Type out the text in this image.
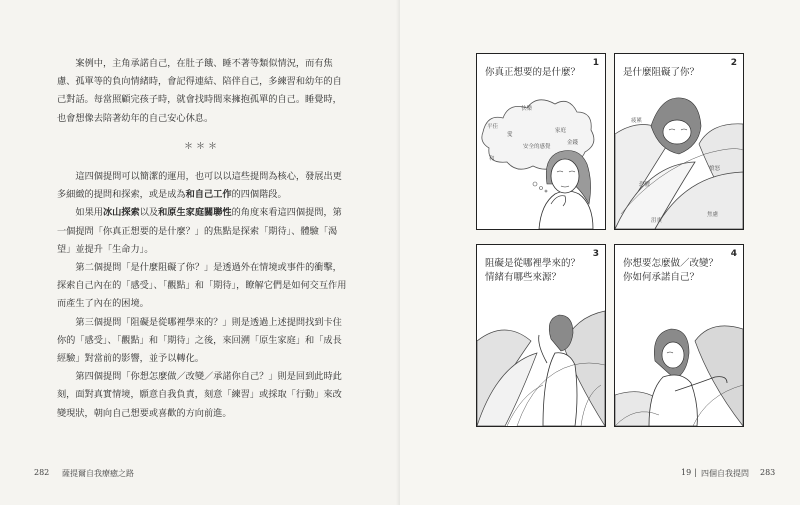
案例中，主角承諾自己，在肚子餓、睡不著等類似情況，而有焦慮、孤單等的負向情緒時，會記得連結、陪伴自己，多練習和幼年的自己對話。每當照顧完孩子時，就會找時間來擁抱孤單的自己。睡覺時，也會想像去陪著幼年的自己安心休息。

＊＊＊

這四個提問可以簡潔的運用，也可以以這些提問為核心，發展出更多細緻的提問和探索，或是成為和自己工作的四個階段。

如果用冰山探索以及和原生家庭關聯性的角度來看這四個提問，第一個提問「你真正想要的是什麼？」的焦點是探索「期待」、體驗「渴望」並提升「生命力」。

第二個提問「是什麼阻礙了你？」是透過外在情境或事件的衝擊，探索自己內在的「感受」、「觀點」和「期待」，瞭解它們是如何交互作用而產生了內在的困境。

第三個提問「阻礙是從哪裡學來的？」則是透過上述提問找到卡住你的「感受」、「觀點」和「期待」之後，來回溯「原生家庭」和「成長經驗」對當前的影響，並予以轉化。

第四個提問「你想怎麼做／改變／承諾你自己？」則是回到此時此刻，面對真實情境，願意自我負責，刻意「練習」或採取「行動」來改變現狀，朝向自己想要或喜歡的方向前進。

282 薩提爾自我療癒之路
快樂
平佳
愛
家庭
金錢
安全的感覺
和
1
你真正想要的是什麼？
疲累
恐懼
憤怒
沮喪
焦慮
2
是什麼阻礙了你？
3
阻礙是從哪裡學來的？
情緒有哪些來源？
4
你想要怎麼做／改變？
你如何承諾自己？
19 | 四個自我提問 283
